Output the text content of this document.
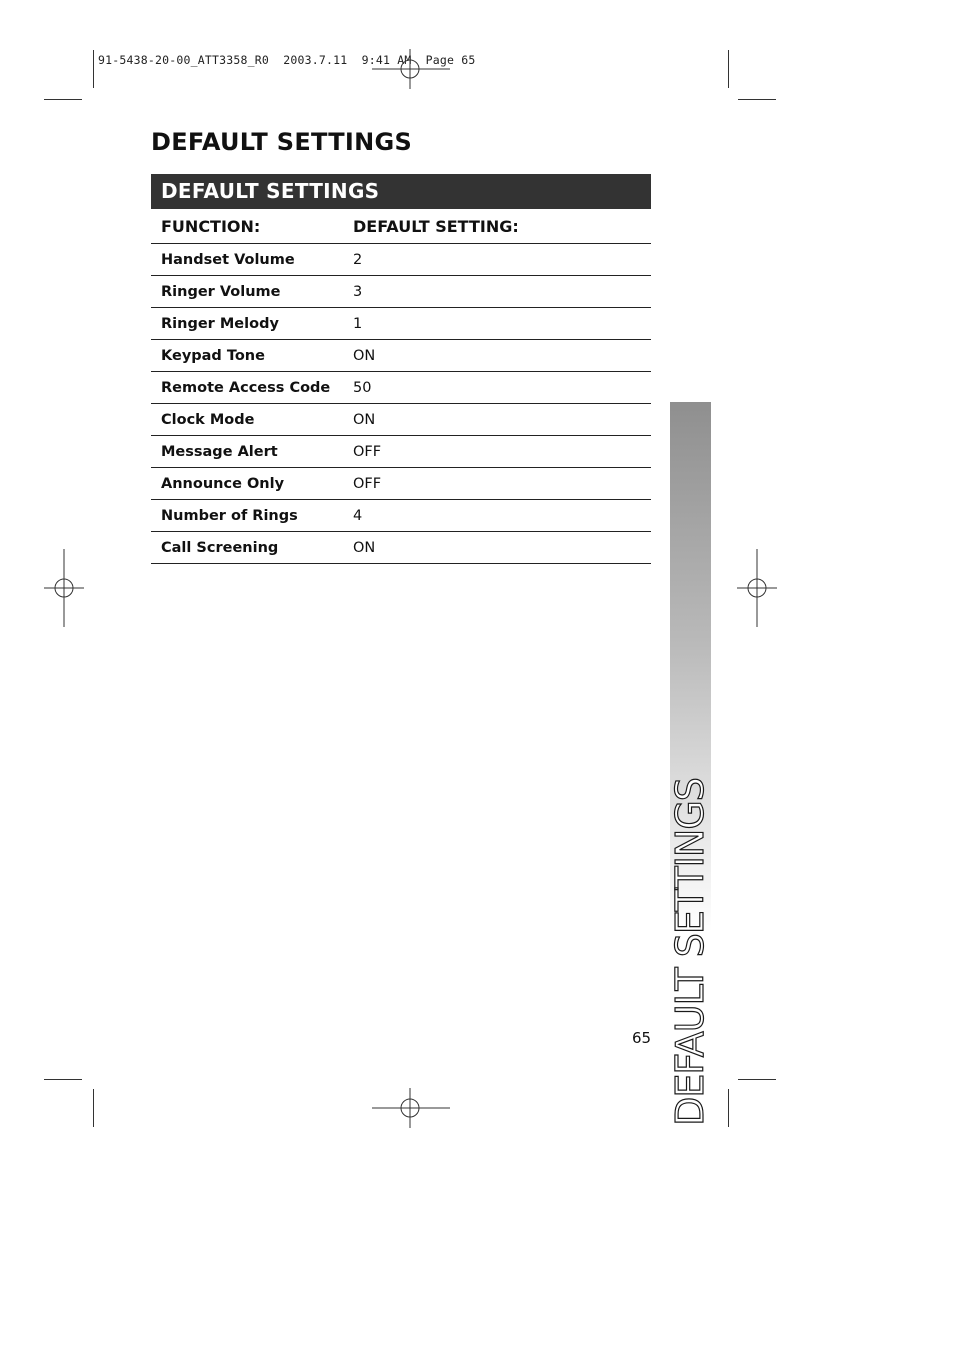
91-5438-20-00_ATT3358_R0  2003.7.11  9:41 AM  Page 65
DEFAULT SETTINGS
DEFAULT SETTINGS
FUNCTION:	DEFAULT SETTING:
Handset Volume	2
Ringer Volume	3
Ringer Melody	1
Keypad Tone	ON
Remote Access Code	50
Clock Mode	ON
Message Alert	OFF
Announce Only	OFF
Number of Rings	4
Call Screening	ON
DEFAULT SETTINGS
65
